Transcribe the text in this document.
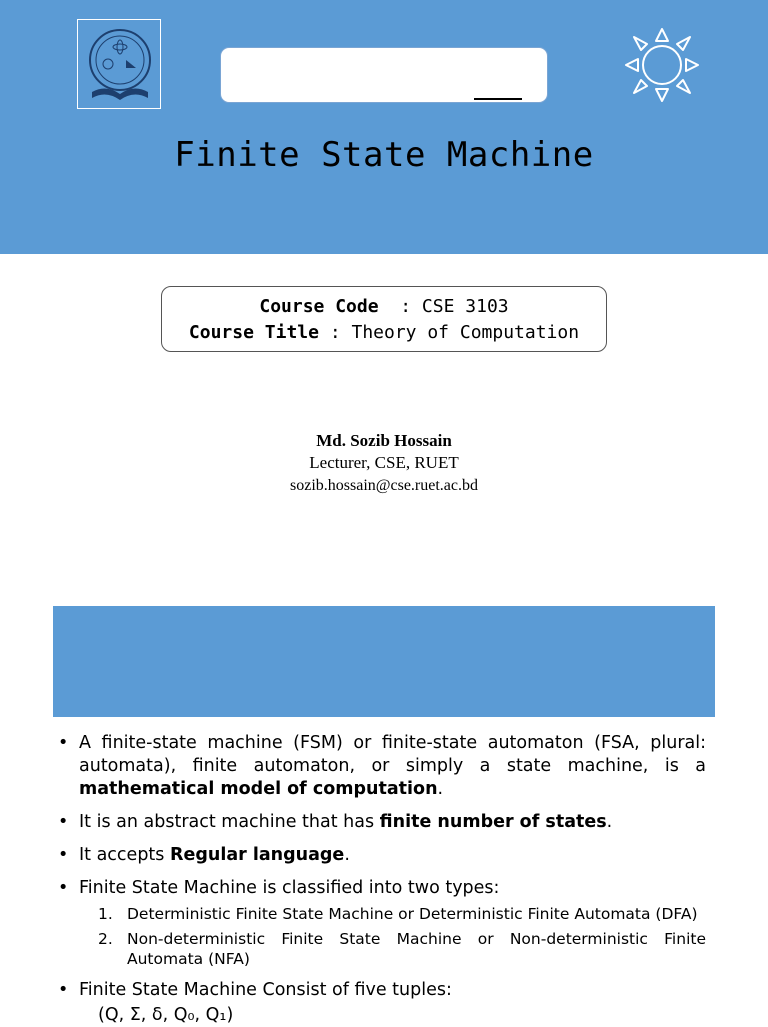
Finite State Machine
Course Code  : CSE 3103
Course Title : Theory of Computation
Md. Sozib Hossain
Lecturer, CSE, RUET
sozib.hossain@cse.ruet.ac.bd
• A finite-state machine (FSM) or finite-state automaton (FSA, plural: automata), finite automaton, or simply a state machine, is a mathematical model of computation.
• It is an abstract machine that has finite number of states.
• It accepts Regular language.
• Finite State Machine is classified into two types:
1. Deterministic Finite State Machine or Deterministic Finite Automata (DFA)
2. Non-deterministic Finite State Machine or Non-deterministic Finite Automata (NFA)
• Finite State Machine Consist of five tuples:
(Q, Σ, δ, Q₀, Q₁)
